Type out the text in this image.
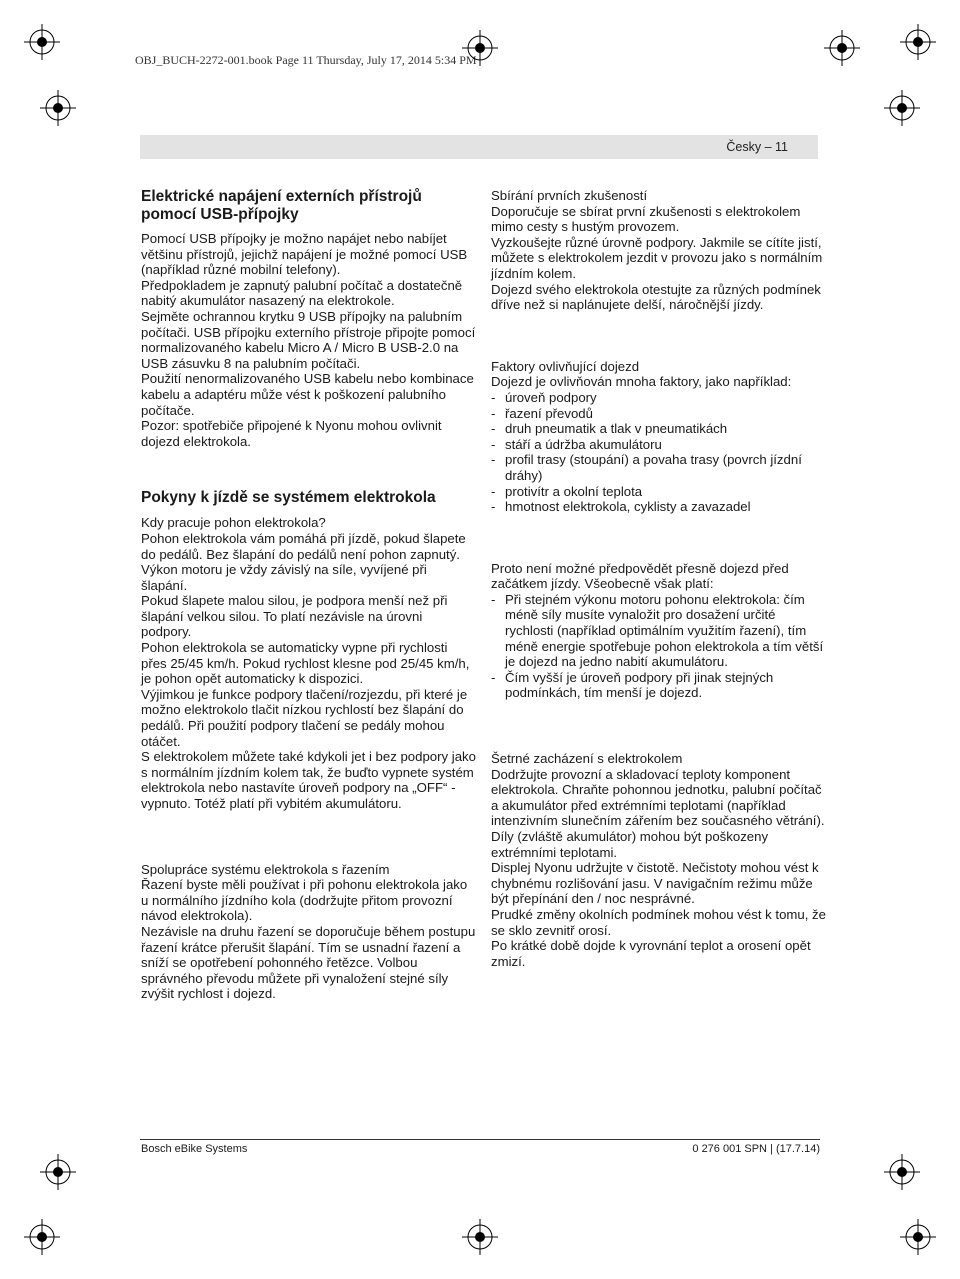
OBJ_BUCH-2272-001.book Page 11 Thursday, July 17, 2014 5:34 PM
Česky – 11
Elektrické napájení externích přístrojů pomocí USB-přípojky

Pomocí USB přípojky je možno napájet nebo nabíjet většinu přístrojů, jejichž napájení je možné pomocí USB (například různé mobilní telefony).

Předpokladem je zapnutý palubní počítač a dostatečně nabitý akumulátor nasazený na elektrokole.

Sejměte ochrannou krytku 9 USB přípojky na palubním počítači. USB přípojku externího přístroje připojte pomocí normalizovaného kabelu Micro A / Micro B USB-2.0 na USB zásuvku 8 na palubním počítači.

Použití nenormalizovaného USB kabelu nebo kombinace kabelu a adaptéru může vést k poškození palubního počítače.

Pozor: spotřebiče připojené k Nyonu mohou ovlivnit dojezd elektrokola.

Pokyny k jízdě se systémem elektrokola
Kdy pracuje pohon elektrokola?

Pohon elektrokola vám pomáhá při jízdě, pokud šlapete do pedálů. Bez šlapání do pedálů není pohon zapnutý. Výkon motoru je vždy závislý na síle, vyvíjené při šlapání.

Pokud šlapete malou silou, je podpora menší než při šlapání velkou silou. To platí nezávisle na úrovni podpory.

Pohon elektrokola se automaticky vypne při rychlosti přes 25/45 km/h. Pokud rychlost klesne pod 25/45 km/h, je pohon opět automaticky k dispozici.

Výjimkou je funkce podpory tlačení/rozjezdu, při které je možno elektrokolo tlačit nízkou rychlostí bez šlapání do pedálů. Při použití podpory tlačení se pedály mohou otáčet.

S elektrokolem můžete také kdykoli jet i bez podpory jako s normálním jízdním kolem tak, že buďto vypnete systém elektrokola nebo nastavíte úroveň podpory na „OFF“ - vypnuto. Totéž platí při vybitém akumulátoru.

Spolupráce systému elektrokola s řazením

Řazení byste měli používat i při pohonu elektrokola jako u normálního jízdního kola (dodržujte přitom provozní návod elektrokola).

Nezávisle na druhu řazení se doporučuje během postupu řazení krátce přerušit šlapání. Tím se usnadní řazení a sníží se opotřebení pohonného řetězce. Volbou správného převodu můžete při vynaložení stejné síly zvýšit rychlost i dojezd.

Sbírání prvních zkušeností

Doporučuje se sbírat první zkušenosti s elektrokolem mimo cesty s hustým provozem.

Vyzkoušejte různé úrovně podpory. Jakmile se cítíte jistí, můžete s elektrokolem jezdit v provozu jako s normálním jízdním kolem.

Dojezd svého elektrokola otestujte za různých podmínek dříve než si naplánujete delší, náročnější jízdy.

Faktory ovlivňující dojezd

Dojezd je ovlivňován mnoha faktory, jako například:

- úroveň podpory
- řazení převodů
- druh pneumatik a tlak v pneumatikách
- stáří a údržba akumulátoru
- profil trasy (stoupání) a povaha trasy (povrch jízdní dráhy)
- protivítr a okolní teplota
- hmotnost elektrokola, cyklisty a zavazadel

Proto není možné předpovědět přesně dojezd před začátkem jízdy. Všeobecně však platí:

- Při stejném výkonu motoru pohonu elektrokola: čím méně síly musíte vynaložit pro dosažení určité rychlosti (například optimálním využitím řazení), tím méně energie spotřebuje pohon elektrokola a tím větší je dojezd na jedno nabití akumulátoru.
- Čím vyšší je úroveň podpory při jinak stejných podmínkách, tím menší je dojezd.
Šetrné zacházení s elektrokolem

Dodržujte provozní a skladovací teploty komponent elektrokola. Chraňte pohonnou jednotku, palubní počítač a akumulátor před extrémními teplotami (například intenzivním slunečním zářením bez současného větrání). Díly (zvláště akumulátor) mohou být poškozeny extrémními teplotami.

Displej Nyonu udržujte v čistotě. Nečistoty mohou vést k chybnému rozlišování jasu. V navigačním režimu může být přepínání den / noc nesprávné.

Prudké změny okolních podmínek mohou vést k tomu, že se sklo zevnitř orosí.

Po krátké době dojde k vyrovnání teplot a orosení opět zmizí.

Bosch eBike Systems	0 276 001 SPN | (17.7.14)
